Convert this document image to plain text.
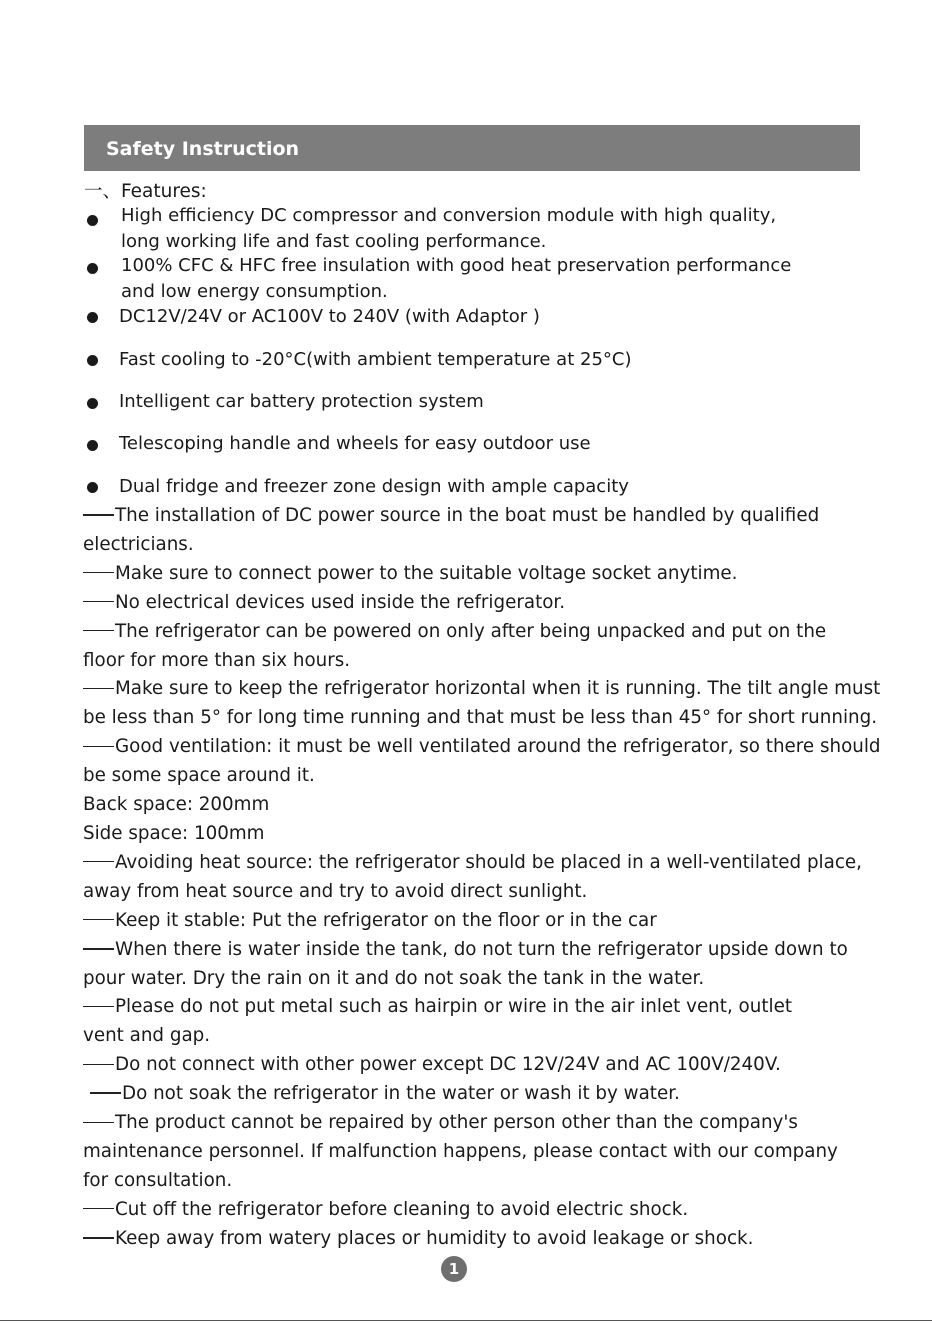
Safety Instruction
一、Features:
High efficiency DC compressor and conversion module with high quality,
long working life and fast cooling performance.
100% CFC & HFC free insulation with good heat preservation performance
and low energy consumption.
DC12V/24V or AC100V to 240V (with Adaptor )
Fast cooling to -20°C(with ambient temperature at 25°C)
Intelligent car battery protection system
Telescoping handle and wheels for easy outdoor use
Dual fridge and freezer zone design with ample capacity

The installation of DC power source in the boat must be handled by qualified

electricians.

Make sure to connect power to the suitable voltage socket anytime.

No electrical devices used inside the refrigerator.

The refrigerator can be powered on only after being unpacked and put on the

floor for more than six hours.

Make sure to keep the refrigerator horizontal when it is running. The tilt angle must

be less than 5° for long time running and that must be less than 45° for short running.

Good ventilation: it must be well ventilated around the refrigerator, so there should

be some space around it.

Back space: 200mm

Side space: 100mm

Avoiding heat source: the refrigerator should be placed in a well-ventilated place,

away from heat source and try to avoid direct sunlight.

Keep it stable: Put the refrigerator on the floor or in the car

When there is water inside the tank, do not turn the refrigerator upside down to

pour water. Dry the rain on it and do not soak the tank in the water.

Please do not put metal such as hairpin or wire in the air inlet vent, outlet

vent and gap.

Do not connect with other power except DC 12V/24V and AC 100V/240V.

Do not soak the refrigerator in the water or wash it by water.

The product cannot be repaired by other person other than the company's

maintenance personnel. If malfunction happens, please contact with our company

for consultation.

Cut off the refrigerator before cleaning to avoid electric shock.

Keep away from watery places or humidity to avoid leakage or shock.

1
